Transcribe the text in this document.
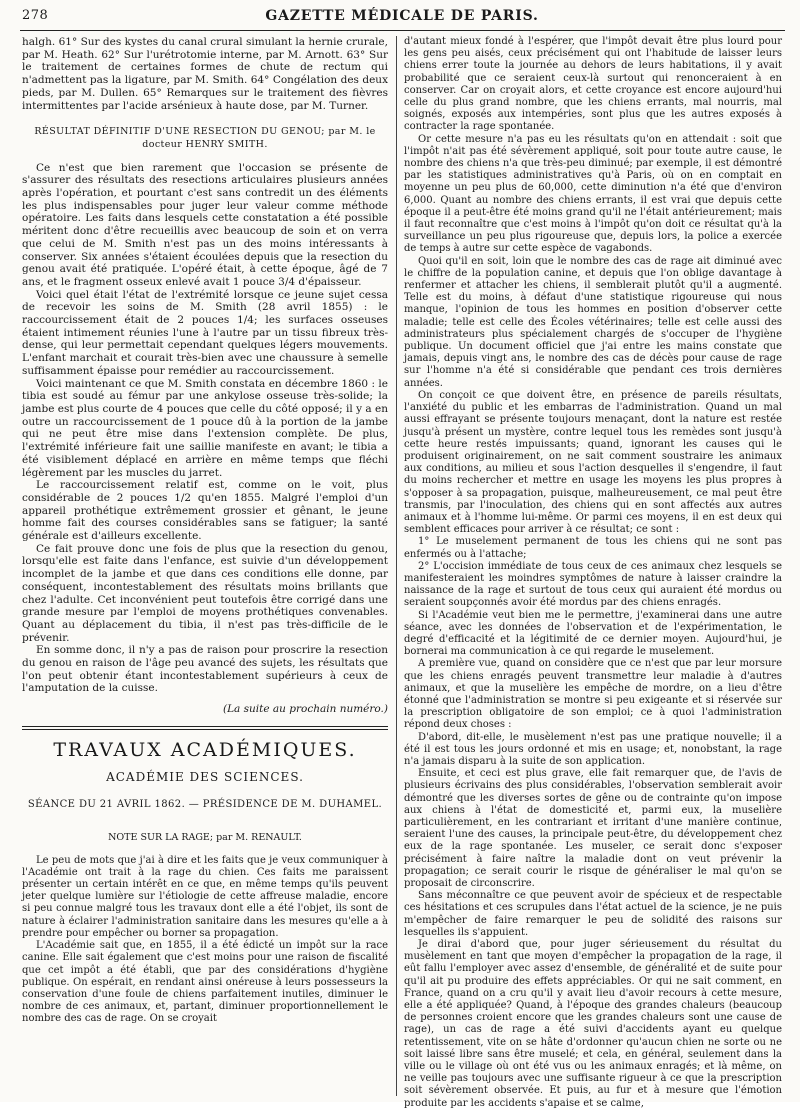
278	GAZETTE MÉDICALE DE PARIS.

halgh. 61° Sur des kystes du canal crural simulant la hernie crurale, par M. Heath. 62° Sur l'urétrotomie interne, par M. Arnott. 63° Sur le traitement de certaines formes de chute de rectum qui n'admettent pas la ligature, par M. Smith. 64° Congélation des deux pieds, par M. Dullen. 65° Remarques sur le traitement des fièvres intermittentes par l'acide arsénieux à haute dose, par M. Turner.

RÉSULTAT DÉFINITIF D'UNE RESECTION DU GENOU; par M. le docteur HENRY SMITH.

Ce n'est que bien rarement que l'occasion se présente de s'assurer des résultats des resections articulaires plusieurs années après l'opération, et pourtant c'est sans contredit un des éléments les plus indispensables pour juger leur valeur comme méthode opératoire. Les faits dans lesquels cette constatation a été possible méritent donc d'être recueillis avec beaucoup de soin et on verra que celui de M. Smith n'est pas un des moins intéressants à conserver. Six années s'étaient écoulées depuis que la resection du genou avait été pratiquée. L'opéré était, à cette époque, âgé de 7 ans, et le fragment osseux enlevé avait 1 pouce 3/4 d'épaisseur.

Voici quel était l'état de l'extrémité lorsque ce jeune sujet cessa de recevoir les soins de M. Smith (28 avril 1855) : le raccourcissement était de 2 pouces 1/4; les surfaces osseuses étaient intimement réunies l'une à l'autre par un tissu fibreux très-dense, qui leur permettait cependant quelques légers mouvements. L'enfant marchait et courait très-bien avec une chaussure à semelle suffisamment épaisse pour remédier au raccourcissement.

Voici maintenant ce que M. Smith constata en décembre 1860 : le tibia est soudé au fémur par une ankylose osseuse très-solide; la jambe est plus courte de 4 pouces que celle du côté opposé; il y a en outre un raccourcissement de 1 pouce dû à la portion de la jambe qui ne peut être mise dans l'extension complète. De plus, l'extrémité inférieure fait une saillie manifeste en avant; le tibia a été visiblement déplacé en arrière en même temps que fléchi légèrement par les muscles du jarret.

Le raccourcissement relatif est, comme on le voit, plus considérable de 2 pouces 1/2 qu'en 1855. Malgré l'emploi d'un appareil prothétique extrêmement grossier et gênant, le jeune homme fait des courses considérables sans se fatiguer; la santé générale est d'ailleurs excellente.

Ce fait prouve donc une fois de plus que la resection du genou, lorsqu'elle est faite dans l'enfance, est suivie d'un développement incomplet de la jambe et que dans ces conditions elle donne, par conséquent, incontestablement des résultats moins brillants que chez l'adulte. Cet inconvénient peut toutefois être corrigé dans une grande mesure par l'emploi de moyens prothétiques convenables. Quant au déplacement du tibia, il n'est pas très-difficile de le prévenir.

En somme donc, il n'y a pas de raison pour proscrire la resection du genou en raison de l'âge peu avancé des sujets, les résultats que l'on peut obtenir étant incontestablement supérieurs à ceux de l'amputation de la cuisse.

(La suite au prochain numéro.)
TRAVAUX ACADÉMIQUES.
ACADÉMIE DES SCIENCES.
SÉANCE DU 21 AVRIL 1862. — PRÉSIDENCE DE M. DUHAMEL.
NOTE SUR LA RAGE; par M. RENAULT.

Le peu de mots que j'ai à dire et les faits que je veux communiquer à l'Académie ont trait à la rage du chien. Ces faits me paraissent présenter un certain intérêt en ce que, en même temps qu'ils peuvent jeter quelque lumière sur l'étiologie de cette affreuse maladie, encore si peu connue malgré tous les travaux dont elle a été l'objet, ils sont de nature à éclairer l'administration sanitaire dans les mesures qu'elle a à prendre pour empêcher ou borner sa propagation.

L'Académie sait que, en 1855, il a été édicté un impôt sur la race canine. Elle sait également que c'est moins pour une raison de fiscalité que cet impôt a été établi, que par des considérations d'hygiène publique. On espérait, en rendant ainsi onéreuse à leurs possesseurs la conservation d'une foule de chiens parfaitement inutiles, diminuer le nombre de ces animaux, et, partant, diminuer proportionnellement le nombre des cas de rage. On se croyait

d'autant mieux fondé à l'espérer, que l'impôt devait être plus lourd pour les gens peu aisés, ceux précisément qui ont l'habitude de laisser leurs chiens errer toute la journée au dehors de leurs habitations, il y avait probabilité que ce seraient ceux-là surtout qui renonceraient à en conserver. Car on croyait alors, et cette croyance est encore aujourd'hui celle du plus grand nombre, que les chiens errants, mal nourris, mal soignés, exposés aux intempéries, sont plus que les autres exposés à contracter la rage spontanée.

Or cette mesure n'a pas eu les résultats qu'on en attendait : soit que l'impôt n'ait pas été sévèrement appliqué, soit pour toute autre cause, le nombre des chiens n'a que très-peu diminué; par exemple, il est démontré par les statistiques administratives qu'à Paris, où on en comptait en moyenne un peu plus de 60,000, cette diminution n'a été que d'environ 6,000. Quant au nombre des chiens errants, il est vrai que depuis cette époque il a peut-être été moins grand qu'il ne l'était antérieurement; mais il faut reconnaître que c'est moins à l'impôt qu'on doit ce résultat qu'à la surveillance un peu plus rigoureuse que, depuis lors, la police a exercée de temps à autre sur cette espèce de vagabonds.

Quoi qu'il en soit, loin que le nombre des cas de rage ait diminué avec le chiffre de la population canine, et depuis que l'on oblige davantage à renfermer et attacher les chiens, il semblerait plutôt qu'il a augmenté. Telle est du moins, à défaut d'une statistique rigoureuse qui nous manque, l'opinion de tous les hommes en position d'observer cette maladie; telle est celle des Écoles vétérinaires; telle est celle aussi des administrateurs plus spécialement chargés de s'occuper de l'hygiène publique. Un document officiel que j'ai entre les mains constate que jamais, depuis vingt ans, le nombre des cas de décès pour cause de rage sur l'homme n'a été si considérable que pendant ces trois dernières années.

On conçoit ce que doivent être, en présence de pareils résultats, l'anxiété du public et les embarras de l'administration. Quand un mal aussi effrayant se présente toujours menaçant, dont la nature est restée jusqu'à présent un mystère, contre lequel tous les remèdes sont jusqu'à cette heure restés impuissants; quand, ignorant les causes qui le produisent originairement, on ne sait comment soustraire les animaux aux conditions, au milieu et sous l'action desquelles il s'engendre, il faut du moins rechercher et mettre en usage les moyens les plus propres à s'opposer à sa propagation, puisque, malheureusement, ce mal peut être transmis, par l'inoculation, des chiens qui en sont affectés aux autres animaux et à l'homme lui-même. Or parmi ces moyens, il en est deux qui semblent efficaces pour arriver à ce résultat; ce sont :

1° Le muselement permanent de tous les chiens qui ne sont pas enfermés ou à l'attache;

2° L'occision immédiate de tous ceux de ces animaux chez lesquels se manifesteraient les moindres symptômes de nature à laisser craindre la naissance de la rage et surtout de tous ceux qui auraient été mordus ou seraient soupçonnés avoir été mordus par des chiens enragés.

Si l'Académie veut bien me le permettre, j'examinerai dans une autre séance, avec les données de l'observation et de l'expérimentation, le degré d'efficacité et la légitimité de ce dernier moyen. Aujourd'hui, je bornerai ma communication à ce qui regarde le muselement.

A première vue, quand on considère que ce n'est que par leur morsure que les chiens enragés peuvent transmettre leur maladie à d'autres animaux, et que la muselière les empêche de mordre, on a lieu d'être étonné que l'administration se montre si peu exigeante et si réservée sur la prescription obligatoire de son emploi; ce à quoi l'administration répond deux choses :

D'abord, dit-elle, le musèlement n'est pas une pratique nouvelle; il a été il est tous les jours ordonné et mis en usage; et, nonobstant, la rage n'a jamais disparu à la suite de son application.

Ensuite, et ceci est plus grave, elle fait remarquer que, de l'avis de plusieurs écrivains des plus considérables, l'observation semblerait avoir démontré que les diverses sortes de gêne ou de contrainte qu'on impose aux chiens à l'état de domesticité et, parmi eux, la muselière particulièrement, en les contrariant et irritant d'une manière continue, seraient l'une des causes, la principale peut-être, du développement chez eux de la rage spontanée. Les museler, ce serait donc s'exposer précisément à faire naître la maladie dont on veut prévenir la propagation; ce serait courir le risque de généraliser le mal qu'on se proposait de circonscrire.

Sans méconnaître ce que peuvent avoir de spécieux et de respectable ces hésitations et ces scrupules dans l'état actuel de la science, je ne puis m'empêcher de faire remarquer le peu de solidité des raisons sur lesquelles ils s'appuient.

Je dirai d'abord que, pour juger sérieusement du résultat du musèlement en tant que moyen d'empêcher la propagation de la rage, il eût fallu l'employer avec assez d'ensemble, de généralité et de suite pour qu'il ait pu produire des effets appréciables. Or qui ne sait comment, en France, quand on a cru qu'il y avait lieu d'avoir recours à cette mesure, elle a été appliquée? Quand, à l'époque des grandes chaleurs (beaucoup de personnes croient encore que les grandes chaleurs sont une cause de rage), un cas de rage a été suivi d'accidents ayant eu quelque retentissement, vite on se hâte d'ordonner qu'aucun chien ne sorte ou ne soit laissé libre sans être muselé; et cela, en général, seulement dans la ville ou le village où ont été vus ou les animaux enragés; et là même, on ne veille pas toujours avec une suffisante rigueur à ce que la prescription soit sévèrement observée. Et puis, au fur et à mesure que l'émotion produite par les accidents s'apaise et se calme,
